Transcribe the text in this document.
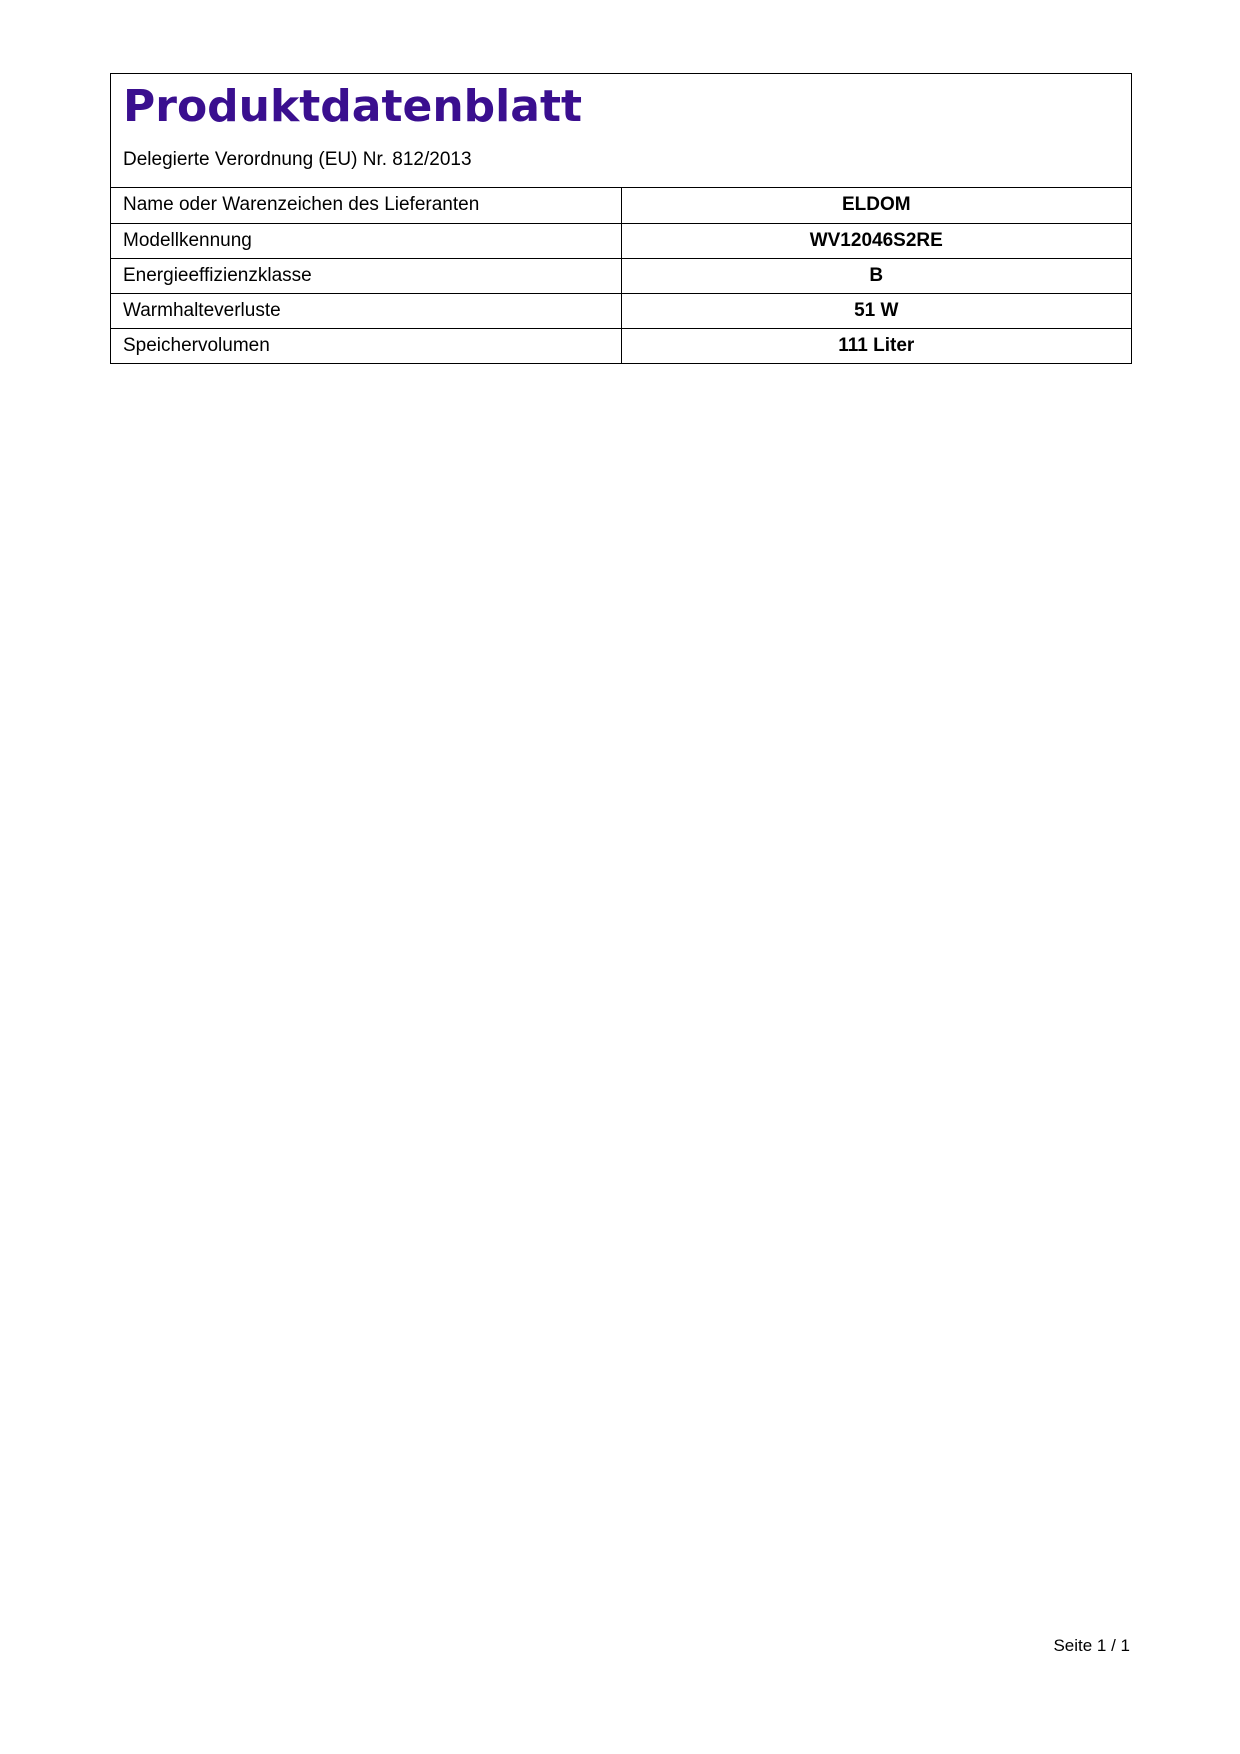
Produktdatenblatt
Delegierte Verordnung (EU) Nr. 812/2013
Name oder Warenzeichen des Lieferanten	ELDOM
Modellkennung	WV12046S2RE
Energieeffizienzklasse	B
Warmhalteverluste	51 W
Speichervolumen	111 Liter
Seite 1 / 1
